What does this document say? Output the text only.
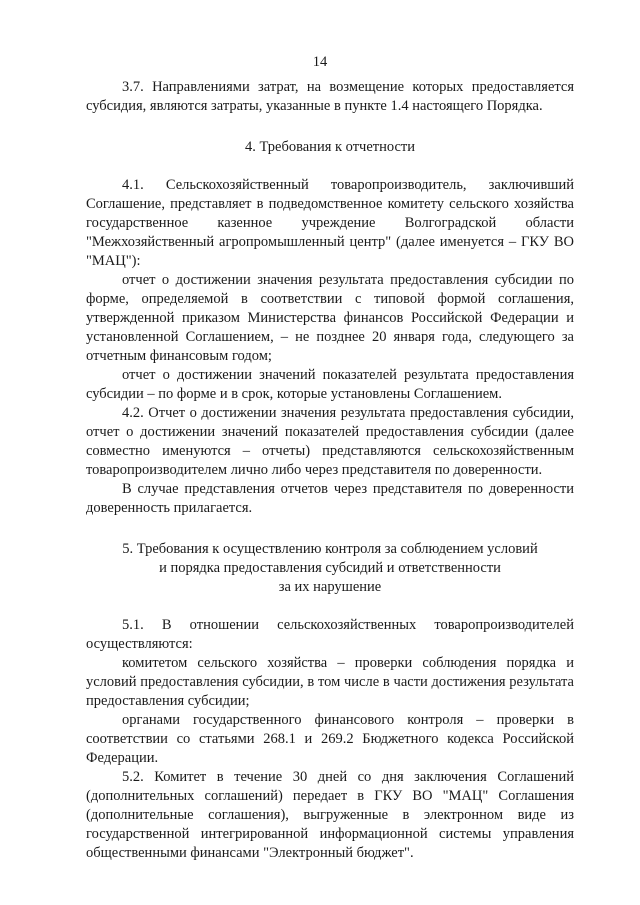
14

3.7. Направлениями затрат, на возмещение которых предоставляется субсидия, являются затраты, указанные в пункте 1.4 настоящего Порядка.

4. Требования к отчетности

4.1. Сельскохозяйственный товаропроизводитель, заключивший Соглашение, представляет в подведомственное комитету сельского хозяйства государственное казенное учреждение Волгоградской области "Межхозяйственный агропромышленный центр" (далее именуется – ГКУ ВО "МАЦ"):

отчет о достижении значения результата предоставления субсидии по форме, определяемой в соответствии с типовой формой соглашения, утвержденной приказом Министерства финансов Российской Федерации и установленной Соглашением, – не позднее 20 января года, следующего за отчетным финансовым годом;

отчет о достижении значений показателей результата предоставления субсидии – по форме и в срок, которые установлены Соглашением.

4.2. Отчет о достижении значения результата предоставления субсидии, отчет о достижении значений показателей предоставления субсидии (далее совместно именуются – отчеты) представляются сельскохозяйственным товаропроизводителем лично либо через представителя по доверенности.

В случае представления отчетов через представителя по доверенности доверенность прилагается.

5. Требования к осуществлению контроля за соблюдением условий

и порядка предоставления субсидий и ответственности

за их нарушение

5.1. В отношении сельскохозяйственных товаропроизводителей осуществляются:

комитетом сельского хозяйства – проверки соблюдения порядка и условий предоставления субсидии, в том числе в части достижения результата предоставления субсидии;

органами государственного финансового контроля – проверки в соответствии со статьями 268.1 и 269.2 Бюджетного кодекса Российской Федерации.

5.2. Комитет в течение 30 дней со дня заключения Соглашений (дополнительных соглашений) передает в ГКУ ВО "МАЦ" Соглашения (дополнительные соглашения), выгруженные в электронном виде из государственной интегрированной информационной системы управления общественными финансами "Электронный бюджет".
